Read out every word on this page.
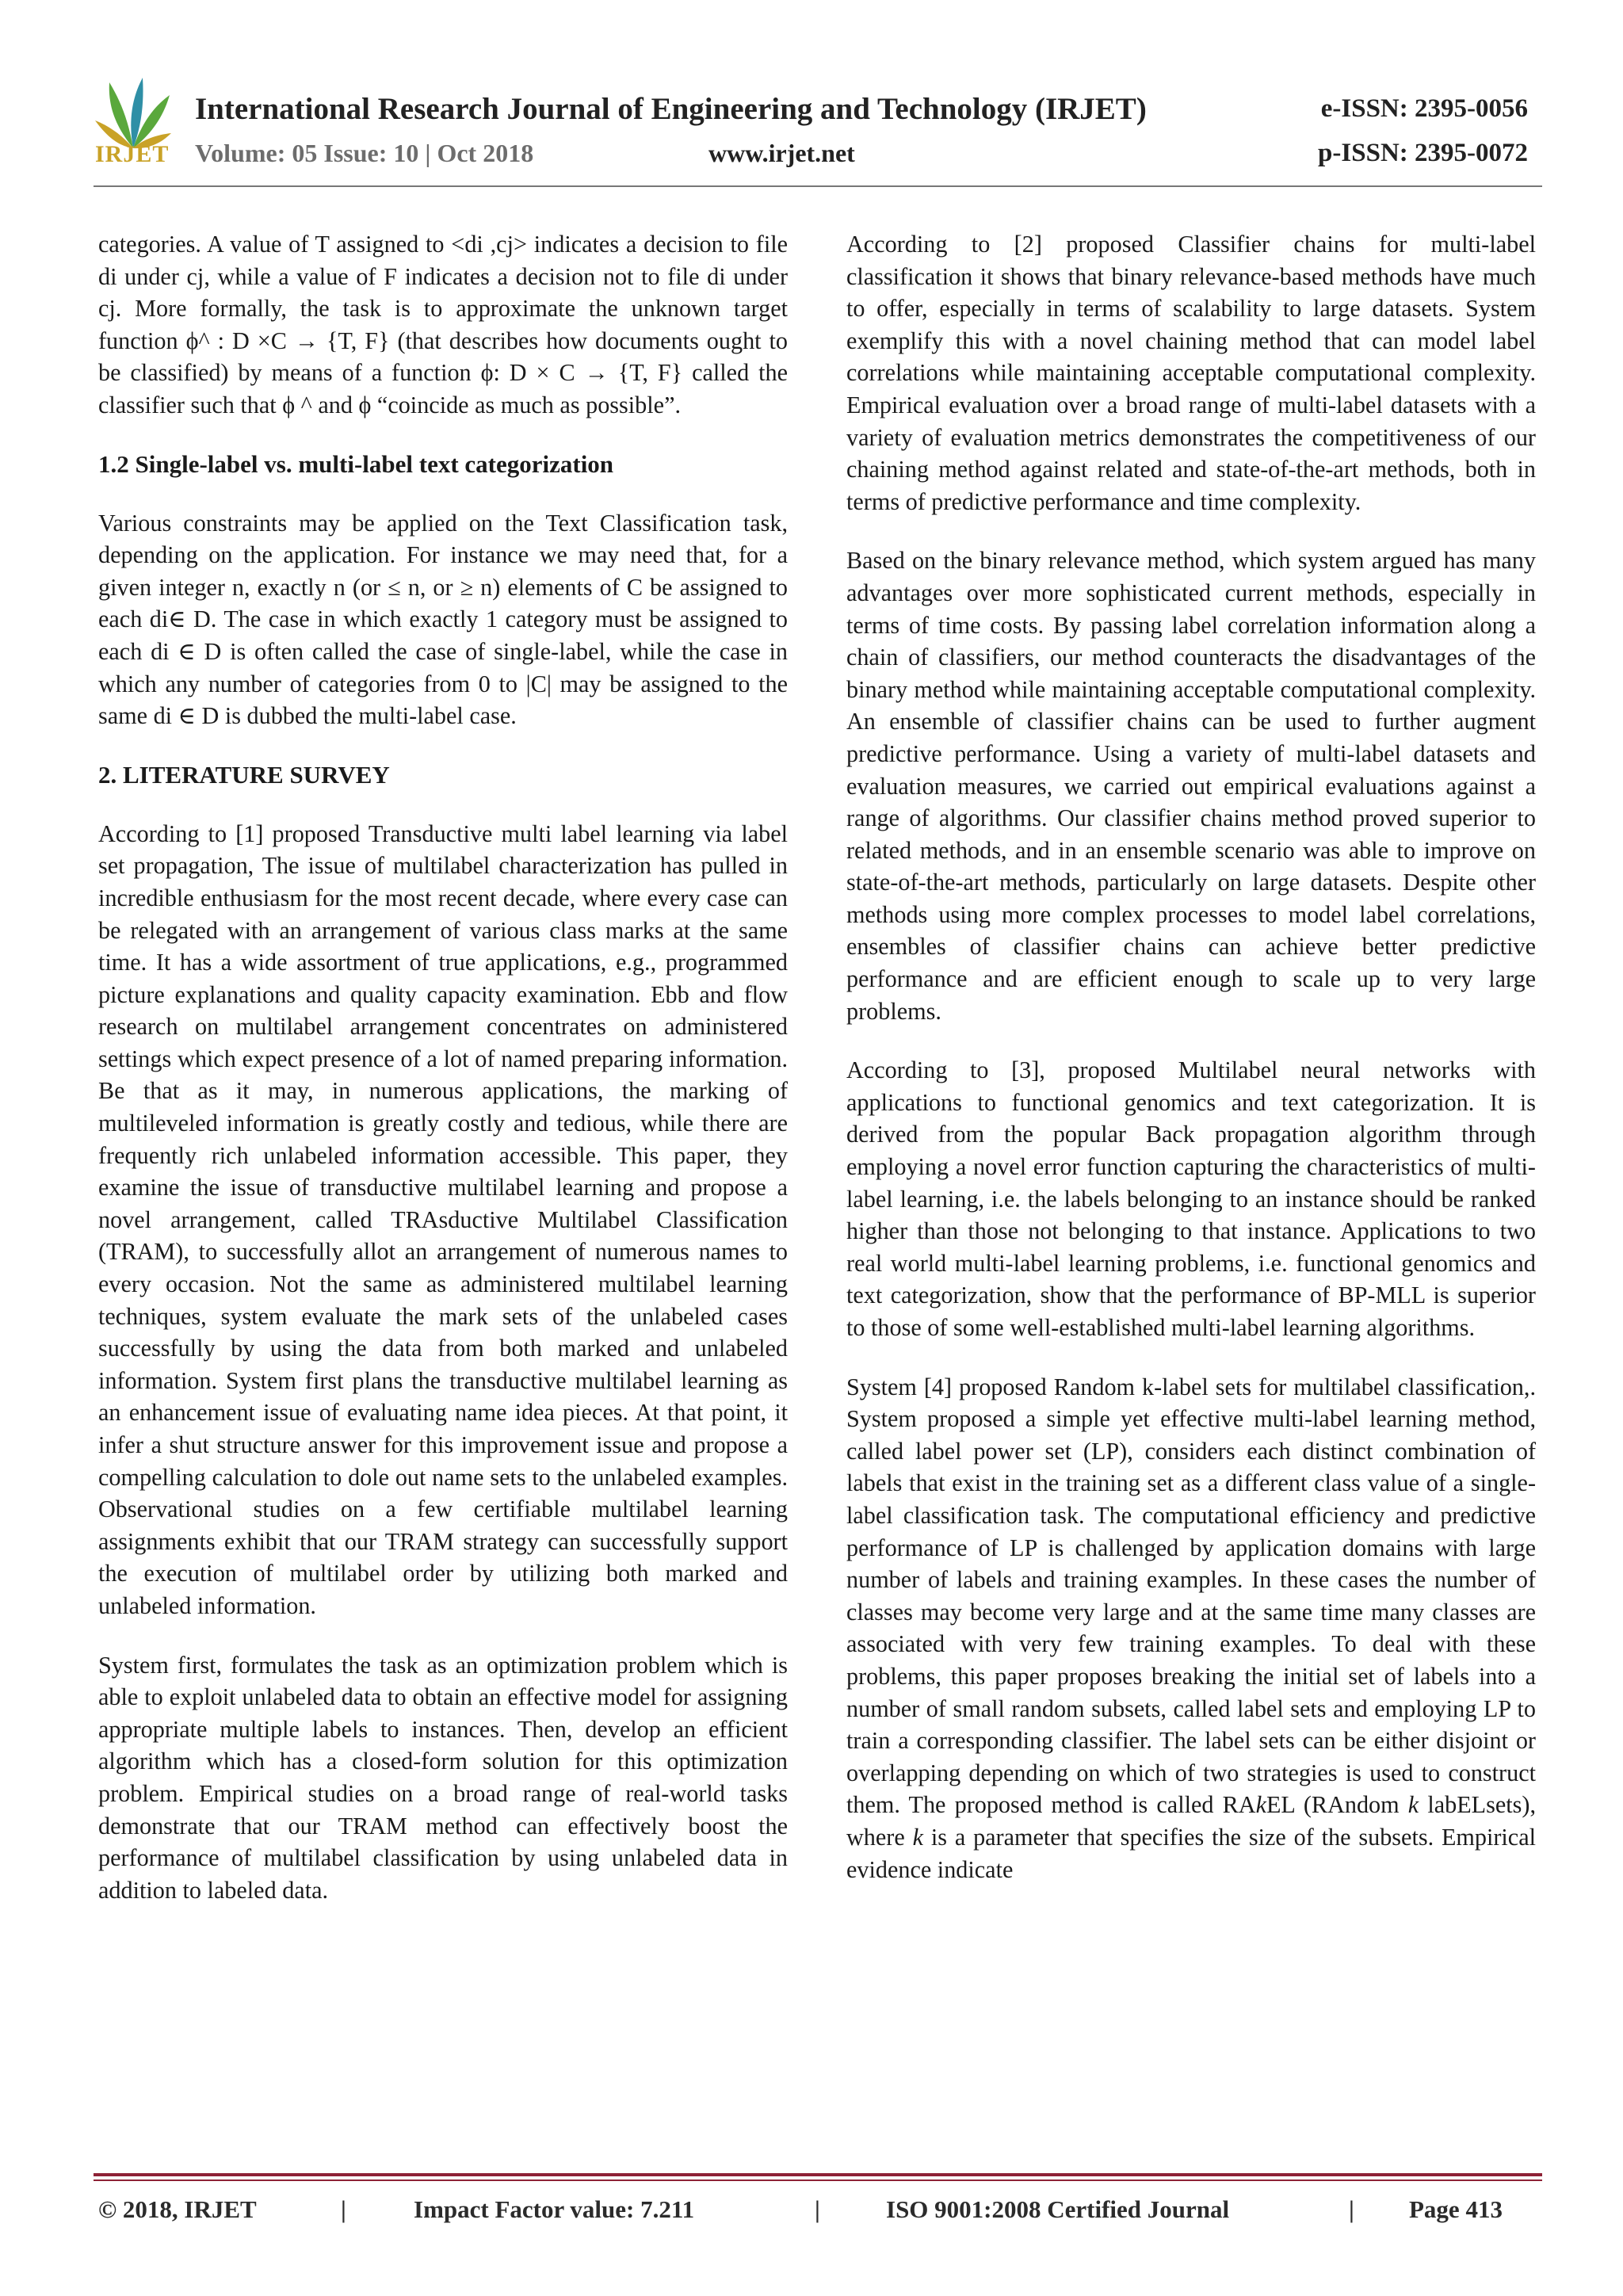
IRJET
International Research Journal of Engineering and Technology (IRJET)
Volume: 05 Issue: 10 | Oct 2018	www.irjet.net
e-ISSN: 2395-0056
p-ISSN: 2395-0072

categories. A value of T assigned to <di ,cj> indicates a decision to file di under cj, while a value of F indicates a decision not to file di under cj. More formally, the task is to approximate the unknown target function ϕ^ : D ×C → {T, F} (that describes how documents ought to be classified) by means of a function ϕ: D × C → {T, F} called the classifier such that ϕ ^ and ϕ “coincide as much as possible”.

1.2 Single-label vs. multi-label text categorization

Various constraints may be applied on the Text Classification task, depending on the application. For instance we may need that, for a given integer n, exactly n (or ≤ n, or ≥ n) elements of C be assigned to each di∈ D. The case in which exactly 1 category must be assigned to each di ∈ D is often called the case of single-label, while the case in which any number of categories from 0 to |C| may be assigned to the same di ∈ D is dubbed the multi-label case.

2. LITERATURE SURVEY

According to [1] proposed Transductive multi label learning via label set propagation, The issue of multilabel characterization has pulled in incredible enthusiasm for the most recent decade, where every case can be relegated with an arrangement of various class marks at the same time. It has a wide assortment of true applications, e.g., programmed picture explanations and quality capacity examination. Ebb and flow research on multilabel arrangement concentrates on administered settings which expect presence of a lot of named preparing information. Be that as it may, in numerous applications, the marking of multileveled information is greatly costly and tedious, while there are frequently rich unlabeled information accessible. This paper, they examine the issue of transductive multilabel learning and propose a novel arrangement, called TRAsductive Multilabel Classification (TRAM), to successfully allot an arrangement of numerous names to every occasion. Not the same as administered multilabel learning techniques, system evaluate the mark sets of the unlabeled cases successfully by using the data from both marked and unlabeled information. System first plans the transductive multilabel learning as an enhancement issue of evaluating name idea pieces. At that point, it infer a shut structure answer for this improvement issue and propose a compelling calculation to dole out name sets to the unlabeled examples. Observational studies on a few certifiable multilabel learning assignments exhibit that our TRAM strategy can successfully support the execution of multilabel order by utilizing both marked and unlabeled information.

System first, formulates the task as an optimization problem which is able to exploit unlabeled data to obtain an effective model for assigning appropriate multiple labels to instances. Then, develop an efficient algorithm which has a closed-form solution for this optimization problem. Empirical studies on a broad range of real-world tasks demonstrate that our TRAM method can effectively boost the performance of multilabel classification by using unlabeled data in addition to labeled data.

According to [2] proposed Classifier chains for multi-label classification it shows that binary relevance-based methods have much to offer, especially in terms of scalability to large datasets. System exemplify this with a novel chaining method that can model label correlations while maintaining acceptable computational complexity. Empirical evaluation over a broad range of multi-label datasets with a variety of evaluation metrics demonstrates the competitiveness of our chaining method against related and state-of-the-art methods, both in terms of predictive performance and time complexity.

Based on the binary relevance method, which system argued has many advantages over more sophisticated current methods, especially in terms of time costs. By passing label correlation information along a chain of classifiers, our method counteracts the disadvantages of the binary method while maintaining acceptable computational complexity. An ensemble of classifier chains can be used to further augment predictive performance. Using a variety of multi-label datasets and evaluation measures, we carried out empirical evaluations against a range of algorithms. Our classifier chains method proved superior to related methods, and in an ensemble scenario was able to improve on state-of-the-art methods, particularly on large datasets. Despite other methods using more complex processes to model label correlations, ensembles of classifier chains can achieve better predictive performance and are efficient enough to scale up to very large problems.

According to [3], proposed Multilabel neural networks with applications to functional genomics and text categorization. It is derived from the popular Back propagation algorithm through employing a novel error function capturing the characteristics of multi-label learning, i.e. the labels belonging to an instance should be ranked higher than those not belonging to that instance. Applications to two real world multi-label learning problems, i.e. functional genomics and text categorization, show that the performance of BP-MLL is superior to those of some well-established multi-label learning algorithms.

System [4] proposed Random k-label sets for multilabel classification,. System proposed a simple yet effective multi-label learning method, called label power set (LP), considers each distinct combination of labels that exist in the training set as a different class value of a single-label classification task. The computational efficiency and predictive performance of LP is challenged by application domains with large number of labels and training examples. In these cases the number of classes may become very large and at the same time many classes are associated with very few training examples. To deal with these problems, this paper proposes breaking the initial set of labels into a number of small random subsets, called label sets and employing LP to train a corresponding classifier. The label sets can be either disjoint or overlapping depending on which of two strategies is used to construct them. The proposed method is called RAkEL (RAndom k labELsets), where k is a parameter that specifies the size of the subsets. Empirical evidence indicate

© 2018, IRJET	|	Impact Factor value: 7.211	|	ISO 9001:2008 Certified Journal	| Page 413
